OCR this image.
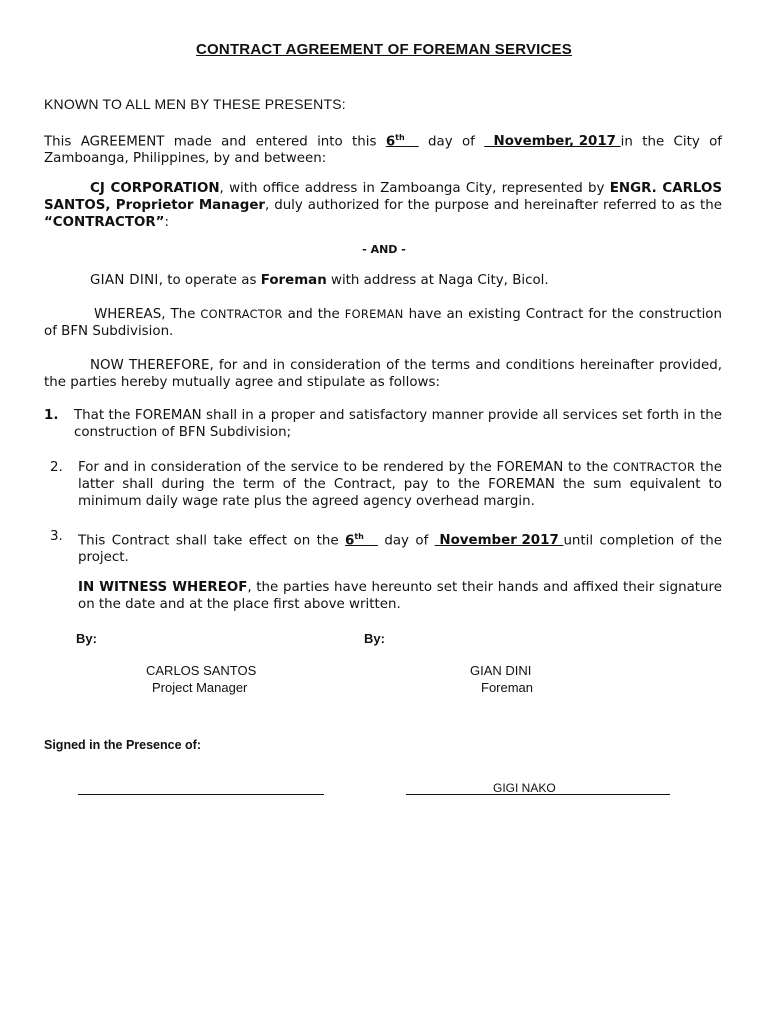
CONTRACT AGREEMENT OF FOREMAN SERVICES
KNOWN TO ALL MEN BY THESE PRESENTS:

This AGREEMENT made and entered into this 6th    day of   November, 2017 in the City of Zamboanga, Philippines, by and between:

CJ CORPORATION, with office address in Zamboanga City, represented by ENGR. CARLOS SANTOS, Proprietor Manager, duly authorized for the purpose and hereinafter referred to as the “CONTRACTOR”:

- AND -

GIAN DINI, to operate as Foreman with address at Naga City, Bicol.

WHEREAS, The CONTRACTOR and the FOREMAN have an existing Contract for the construction of BFN Subdivision.

NOW THEREFORE, for and in consideration of the terms and conditions hereinafter provided, the parties hereby mutually agree and stipulate as follows:

1. That the FOREMAN shall in a proper and satisfactory manner provide all services set forth in the construction of BFN Subdivision;

2. For and in consideration of the service to be rendered by the FOREMAN to the CONTRACTOR the latter shall during the term of the Contract, pay to the FOREMAN the sum equivalent to minimum daily wage rate plus the agreed agency overhead margin.

3. This Contract shall take effect on the 6th    day of  November 2017 until completion of the project.

IN WITNESS WHEREOF, the parties have hereunto set their hands and affixed their signature on the date and at the place first above written.

By:	By:
CARLOS SANTOS
Project Manager
GIAN DINI
Foreman
Signed in the Presence of:
GIGI NAKO
